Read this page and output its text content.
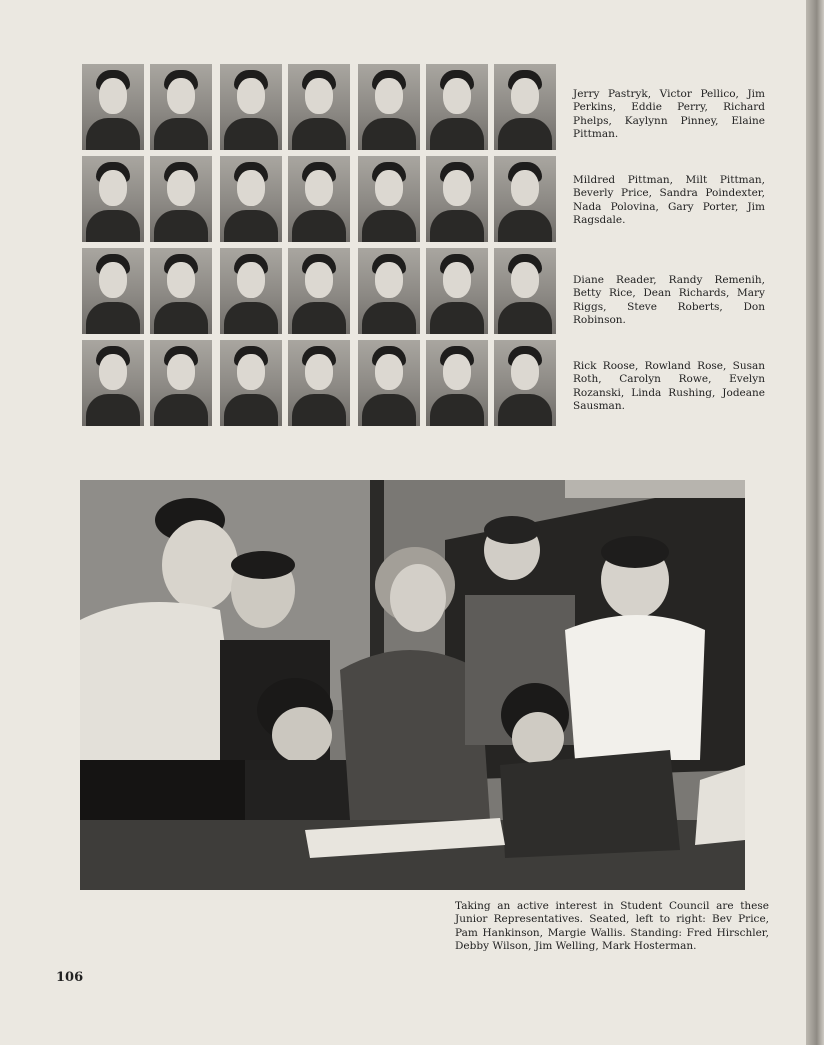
Jerry Pastryk, Victor Pellico, Jim Perkins, Eddie Perry, Richard Phelps, Kaylynn Pinney, Elaine Pittman.
Mildred Pittman, Milt Pittman, Beverly Price, Sandra Poindexter, Nada Polovina, Gary Porter, Jim Ragsdale.
Diane Reader, Randy Remenih, Betty Rice, Dean Richards, Mary Riggs, Steve Roberts, Don Robinson.
Rick Roose, Rowland Rose, Susan Roth, Carolyn Rowe, Evelyn Rozanski, Linda Rushing, Jodeane Sausman.
Taking an active interest in Student Council are these Junior Representatives. Seated, left to right: Bev Price, Pam Hankinson, Margie Wallis. Standing: Fred Hirschler, Debby Wilson, Jim Welling, Mark Hosterman.
106
